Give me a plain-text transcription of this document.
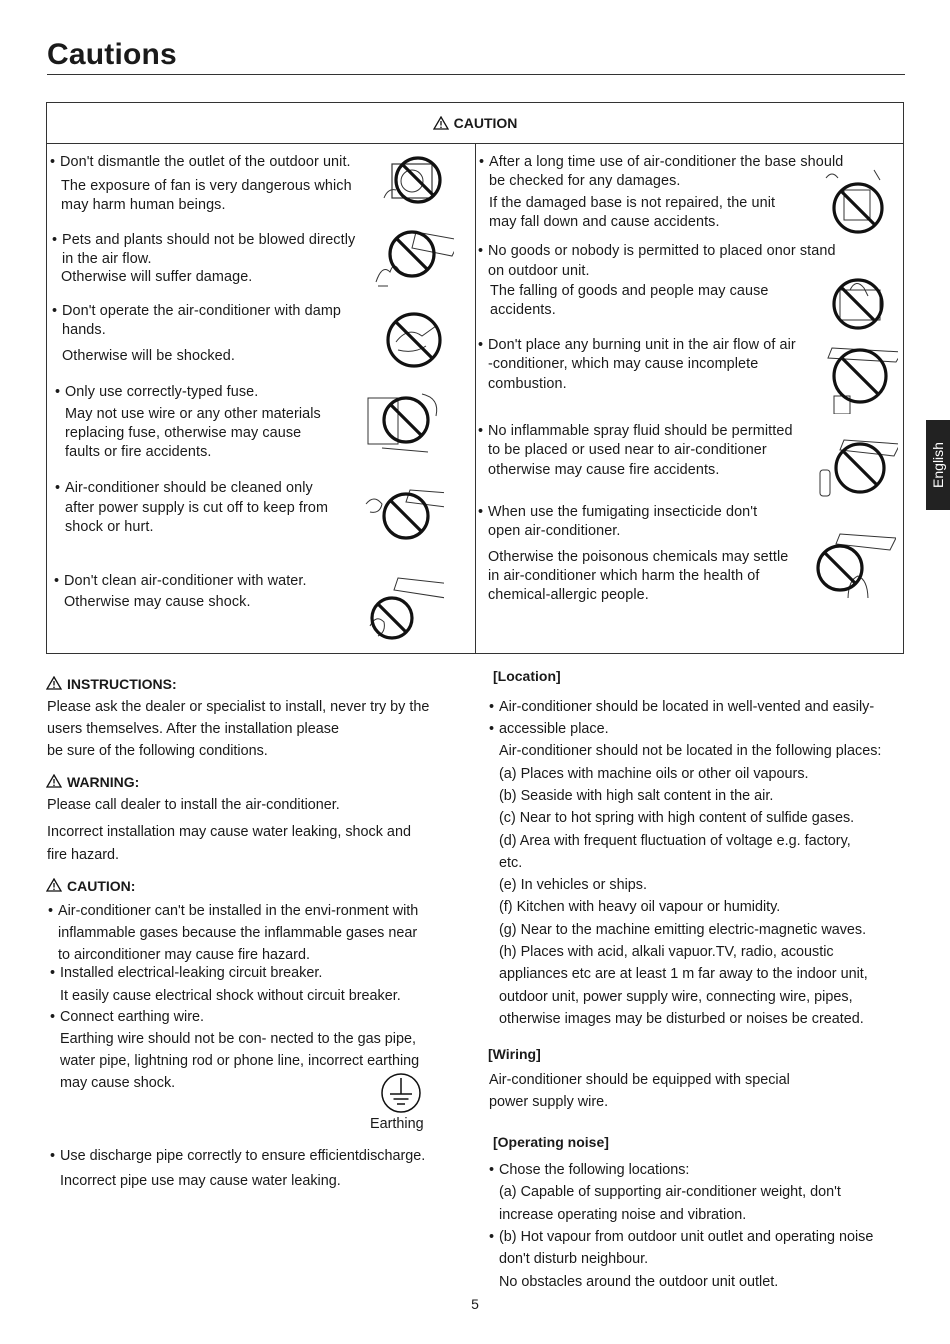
Cautions
CAUTION
• Don't dismantle the outlet of the outdoor unit.
The exposure of fan is very dangerous which
may harm human beings.
• Pets and plants should not be blowed directly
in the air flow.
Otherwise will suffer damage.
• Don't operate the air-conditioner with damp
hands.
Otherwise will be shocked.
• Only use correctly-typed fuse.
May not use wire or any other materials
replacing fuse, otherwise may cause
faults or fire accidents.
• Air-conditioner should be cleaned only
after power supply is cut off to keep from
shock or hurt.
• Don't clean air-conditioner with water.
Otherwise may cause shock.
• After a long time use of air-conditioner the base should
be checked for any damages.
If the damaged base is not repaired, the unit
may fall down and cause accidents.
• No goods or nobody is permitted to placed onor stand
on outdoor unit.
The falling of goods and people may cause
accidents.
• Don't place any burning unit in the air flow of air
-conditioner, which may cause incomplete
combustion.
• No inflammable spray fluid should be permitted
to be placed or used near to air-conditioner
otherwise may cause fire accidents.
• When use the fumigating insecticide don't
open air-conditioner.
Otherwise the poisonous chemicals may settle
in air-conditioner which harm the health of
chemical-allergic people.
INSTRUCTIONS:
Please ask the dealer or specialist to install, never try by the
users themselves. After the installation please
be sure of the following conditions.
WARNING:
Please call dealer to install the air-conditioner.
Incorrect installation may cause water leaking, shock and
fire hazard.
CAUTION:
• Air-conditioner can't be installed in the envi-ronment with
inflammable gases because the inflammable gases near
to airconditioner may cause fire hazard.
• Installed electrical-leaking circuit breaker.
It easily cause electrical shock without circuit breaker.
• Connect earthing wire.
Earthing wire should not be con- nected to the gas pipe,
water pipe, lightning rod or phone line, incorrect earthing
may cause shock.
Earthing
• Use discharge pipe correctly to ensure efficientdischarge.
Incorrect pipe use may cause water leaking.
[Location]
• Air-conditioner should be located in well-vented and easily-
• accessible place.
Air-conditioner should not be located in the following places:
(a) Places with machine oils or other oil vapours.
(b) Seaside with high salt content in the air.
(c) Near to hot spring with high content of sulfide gases.
(d) Area with frequent fluctuation of voltage e.g. factory,
etc.
(e) In vehicles or ships.
(f) Kitchen with heavy oil vapour or humidity.
(g) Near to the machine emitting electric-magnetic waves.
(h) Places with acid, alkali vapuor.TV, radio, acoustic
appliances etc are at least 1 m far away to the indoor unit,
outdoor unit, power supply wire, connecting wire, pipes,
otherwise images may be disturbed or noises be created.
[Wiring]
Air-conditioner should be equipped with special
power supply wire.
[Operating noise]
• Chose the following locations:
(a) Capable of supporting air-conditioner weight, don't
increase operating noise and vibration.
• (b) Hot vapour from outdoor unit outlet and operating noise
don't disturb neighbour.
No obstacles around the outdoor unit outlet.
English
5
